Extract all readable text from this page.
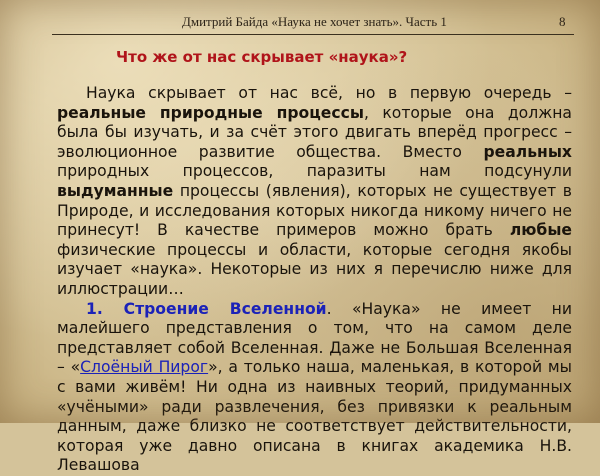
Дмитрий Байда «Наука не хочет знать». Часть 1	8
Что же от нас скрывает «наука»?

Наука скрывает от нас всё, но в первую очередь – реальные природные процессы, которые она должна была бы изучать, и за счёт этого двигать вперёд прогресс – эволюционное развитие общества. Вместо реальных природных процессов, паразиты нам подсунули выдуманные процессы (явления), которых не существует в Природе, и исследования которых никогда никому ничего не принесут! В качестве примеров можно брать любые физические процессы и области, которые сегодня якобы изучает «наука». Некоторые из них я перечислю ниже для иллюстрации…

1. Строение Вселенной. «Наука» не имеет ни малейшего представления о том, что на самом деле представляет собой Вселенная. Даже не Большая Вселенная – «Слоёный Пирог», а только наша, маленькая, в которой мы с вами живём! Ни одна из наивных теорий, придуманных «учёными» ради развлечения, без привязки к реальным данным, даже близко не соответствует действительности, которая уже давно описана в книгах академика Н.В. Левашова
